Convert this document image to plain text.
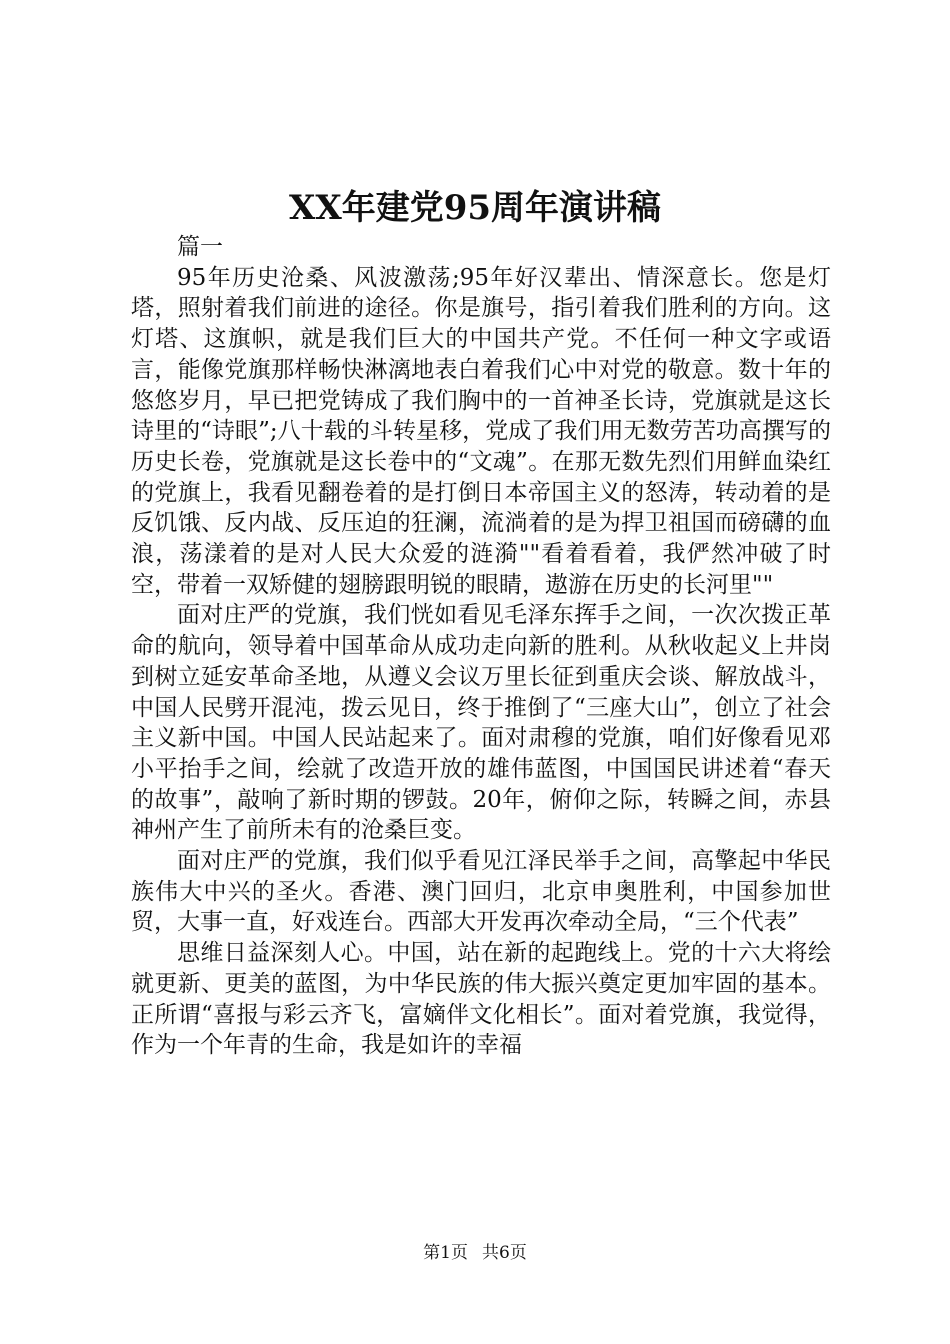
XX年建党95周年演讲稿

篇一

95年历史沧桑、风波激荡;95年好汉辈出、情深意长。您是灯塔，照射着我们前进的途径。你是旗号，指引着我们胜利的方向。这灯塔、这旗帜，就是我们巨大的中国共产党。不任何一种文字或语言，能像党旗那样畅快淋漓地表白着我们心中对党的敬意。数十年的悠悠岁月，早已把党铸成了我们胸中的一首神圣长诗，党旗就是这长诗里的“诗眼”;八十载的斗转星移，党成了我们用无数劳苦功高撰写的历史长卷，党旗就是这长卷中的“文魂”。在那无数先烈们用鲜血染红的党旗上，我看见翻卷着的是打倒日本帝国主义的怒涛，转动着的是反饥饿、反内战、反压迫的狂澜，流淌着的是为捍卫祖国而磅礴的血浪，荡漾着的是对人民大众爱的涟漪""看着看着，我俨然冲破了时空，带着一双矫健的翅膀跟明锐的眼睛，遨游在历史的长河里""

面对庄严的党旗，我们恍如看见毛泽东挥手之间，一次次拨正革命的航向，领导着中国革命从成功走向新的胜利。从秋收起义上井岗到树立延安革命圣地，从遵义会议万里长征到重庆会谈、解放战斗，中国人民劈开混沌，拨云见日，终于推倒了“三座大山”，创立了社会主义新中国。中国人民站起来了。面对肃穆的党旗，咱们好像看见邓小平抬手之间，绘就了改造开放的雄伟蓝图，中国国民讲述着“春天的故事”，敲响了新时期的锣鼓。20年，俯仰之际，转瞬之间，赤县神州产生了前所未有的沧桑巨变。

面对庄严的党旗，我们似乎看见江泽民举手之间，高擎起中华民族伟大中兴的圣火。香港、澳门回归，北京申奥胜利，中国参加世贸，大事一直，好戏连台。西部大开发再次牵动全局，“三个代表”

思维日益深刻人心。中国，站在新的起跑线上。党的十六大将绘就更新、更美的蓝图，为中华民族的伟大振兴奠定更加牢固的基本。正所谓“喜报与彩云齐飞，富嫡伴文化相长”。面对着党旗，我觉得，作为一个年青的生命，我是如许的幸福

第1页 共6页
